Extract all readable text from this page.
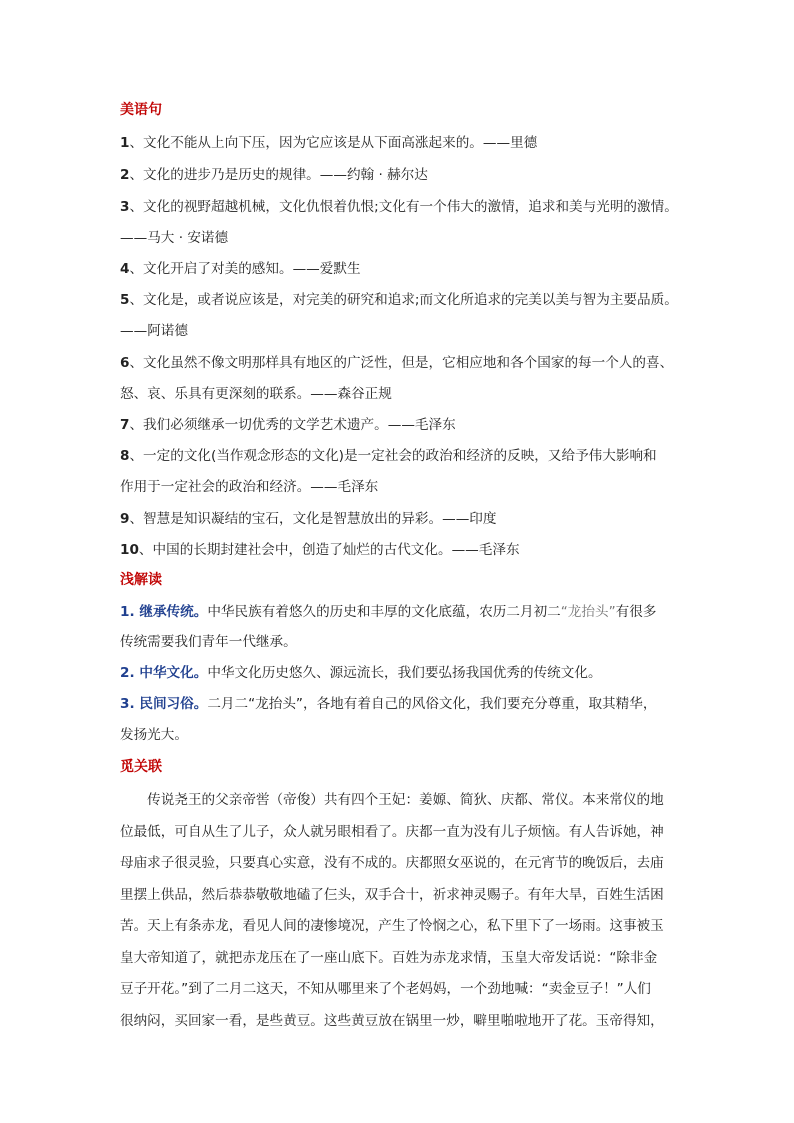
美语句
1、文化不能从上向下压，因为它应该是从下面高涨起来的。——里德
2、文化的进步乃是历史的规律。——约翰 · 赫尔达
3、文化的视野超越机械，文化仇恨着仇恨;文化有一个伟大的激情，追求和美与光明的激情。
——马大 · 安诺德
4、文化开启了对美的感知。——爱默生
5、文化是，或者说应该是，对完美的研究和追求;而文化所追求的完美以美与智为主要品质。
——阿诺德
6、文化虽然不像文明那样具有地区的广泛性，但是，它相应地和各个国家的每一个人的喜、
怒、哀、乐具有更深刻的联系。——森谷正规
7、我们必须继承一切优秀的文学艺术遗产。——毛泽东
8、一定的文化(当作观念形态的文化)是一定社会的政治和经济的反映，又给予伟大影响和
作用于一定社会的政治和经济。——毛泽东
9、智慧是知识凝结的宝石，文化是智慧放出的异彩。——印度
10、中国的长期封建社会中，创造了灿烂的古代文化。——毛泽东
浅解读
1. 继承传统。中华民族有着悠久的历史和丰厚的文化底蕴，农历二月初二“龙抬头”有很多
传统需要我们青年一代继承。
2. 中华文化。中华文化历史悠久、源远流长，我们要弘扬我国优秀的传统文化。
3. 民间习俗。二月二“龙抬头”，各地有着自己的风俗文化，我们要充分尊重，取其精华，
发扬光大。
觅关联
　　传说尧王的父亲帝喾（帝俊）共有四个王妃：姜嫄、简狄、庆都、常仪。本来常仪的地
位最低，可自从生了儿子，众人就另眼相看了。庆都一直为没有儿子烦恼。有人告诉她，神
母庙求子很灵验，只要真心实意，没有不成的。庆都照女巫说的，在元宵节的晚饭后，去庙
里摆上供品，然后恭恭敬敬地磕了仨头，双手合十，祈求神灵赐子。有年大旱，百姓生活困
苦。天上有条赤龙，看见人间的凄惨境况，产生了怜悯之心，私下里下了一场雨。这事被玉
皇大帝知道了，就把赤龙压在了一座山底下。百姓为赤龙求情，玉皇大帝发话说：“除非金
豆子开花。”到了二月二这天，不知从哪里来了个老妈妈，一个劲地喊：“卖金豆子！”人们
很纳闷，买回家一看，是些黄豆。这些黄豆放在锅里一炒，噼里啪啦地开了花。玉帝得知，
